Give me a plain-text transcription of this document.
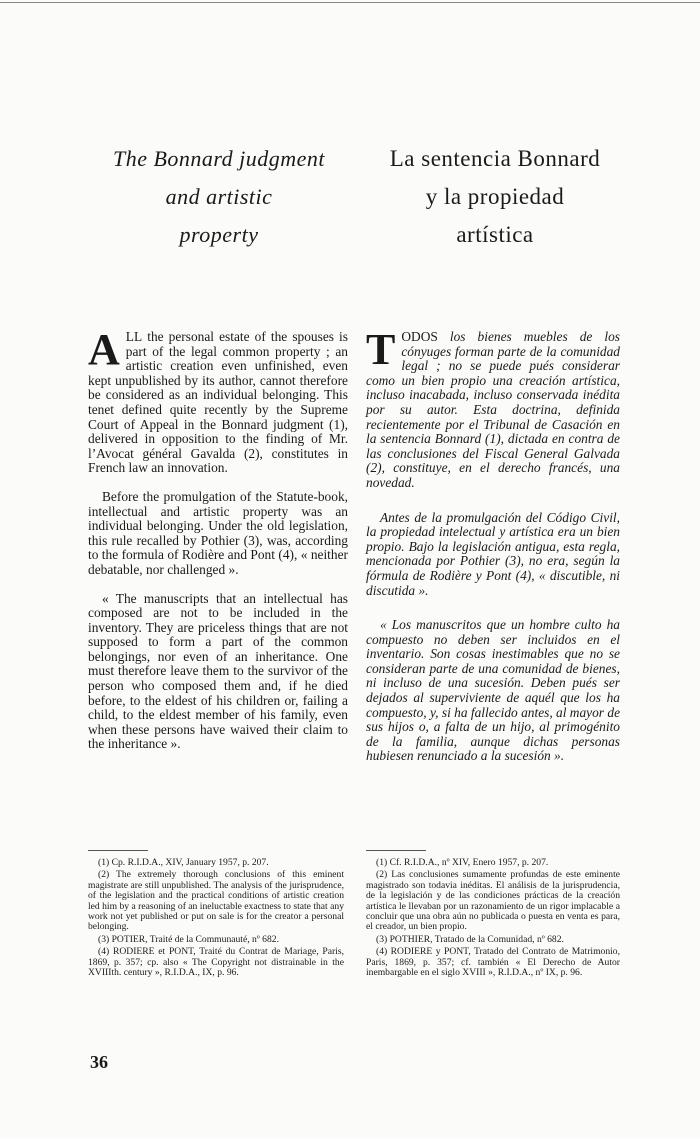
The Bonnard judgment
and artistic
property
La sentencia Bonnard
y la propiedad
artística

ALL the personal estate of the spouses is part of the legal common property ; an artistic creation even unfinished, even kept unpublished by its author, cannot therefore be considered as an individual belonging. This tenet defined quite recently by the Supreme Court of Appeal in the Bonnard judgment (1), delivered in opposition to the finding of Mr. l’Avocat général Gavalda (2), constitutes in French law an innovation.

Before the promulgation of the Statute-book, intellectual and artistic property was an individual belonging. Under the old legislation, this rule recalled by Pothier (3), was, according to the formula of Rodière and Pont (4), « neither debatable, nor challenged ».

« The manuscripts that an intellectual has composed are not to be included in the inventory. They are priceless things that are not supposed to form a part of the common belongings, nor even of an inheritance. One must therefore leave them to the survivor of the person who composed them and, if he died before, to the eldest of his children or, failing a child, to the eldest member of his family, even when these persons have waived their claim to the inheritance ».

TODOS los bienes muebles de los cónyuges forman parte de la comunidad legal ; no se puede pués considerar como un bien propio una creación artística, incluso inacabada, incluso conservada inédita por su autor. Esta doctrina, definida recientemente por el Tribunal de Casación en la sentencia Bonnard (1), dictada en contra de las conclusiones del Fiscal General Galvada (2), constituye, en el derecho francés, una novedad.

Antes de la promulgación del Código Civil, la propiedad intelectual y artística era un bien propio. Bajo la legislación antigua, esta regla, mencionada por Pothier (3), no era, según la fórmula de Rodière y Pont (4), « discutible, ni discutida ».

« Los manuscritos que un hombre culto ha compuesto no deben ser incluidos en el inventario. Son cosas inestimables que no se consideran parte de una comunidad de bienes, ni incluso de una sucesión. Deben pués ser dejados al superviviente de aquél que los ha compuesto, y, si ha fallecido antes, al mayor de sus hijos o, a falta de un hijo, al primogénito de la familia, aunque dichas personas hubiesen renunciado a la sucesión ».

(1) Cp. R.I.D.A., XIV, January 1957, p. 207.

(2) The extremely thorough conclusions of this eminent magistrate are still unpublished. The analysis of the jurisprudence, of the legislation and the practical conditions of artistic creation led him by a reasoning of an ineluctable exactness to state that any work not yet published or put on sale is for the creator a personal belonging.

(3) POTIER, Traité de la Communauté, nº 682.

(4) RODIERE et PONT, Traité du Contrat de Mariage, Paris, 1869, p. 357; cp. also « The Copyright not distrainable in the XVIIIth. century », R.I.D.A., IX, p. 96.

(1) Cf. R.I.D.A., nº XIV, Enero 1957, p. 207.

(2) Las conclusiones sumamente profundas de este eminente magistrado son todavia inéditas. El análisis de la jurisprudencia, de la legislación y de las condiciones prácticas de la creación artística le llevaban por un razonamiento de un rigor implacable a concluir que una obra aún no publicada o puesta en venta es para, el creador, un bien propio.

(3) POTHIER, Tratado de la Comunidad, nº 682.

(4) RODIERE y PONT, Tratado del Contrato de Matrimonio, Paris, 1869, p. 357; cf. también « El Derecho de Autor inembargable en el siglo XVIII », R.I.D.A., nº IX, p. 96.

36
